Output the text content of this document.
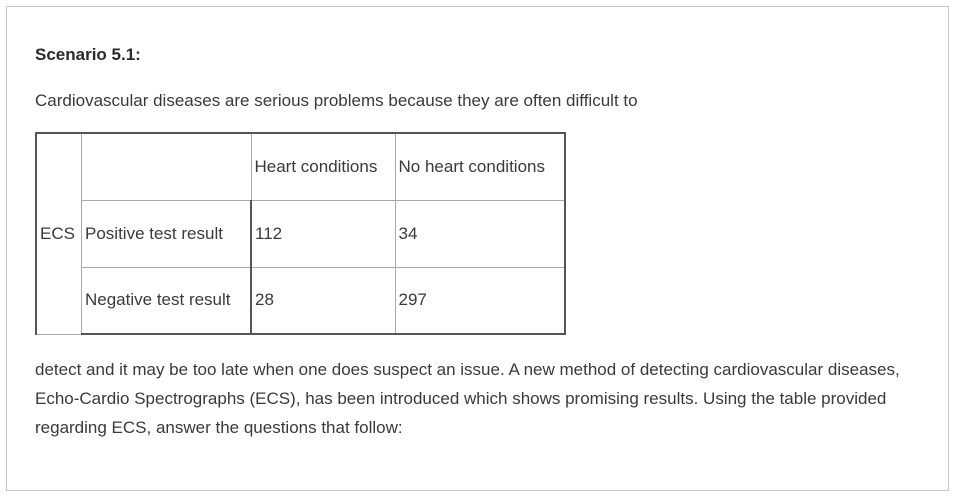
Scenario 5.1:

Cardiovascular diseases are serious problems because they are often difficult to

ECS		Heart conditions	No heart conditions
	Positive test result	112	34
	Negative test result	28	297

detect and it may be too late when one does suspect an issue. A new method of detecting cardiovascular diseases, Echo-Cardio Spectrographs (ECS), has been introduced which shows promising results. Using the table provided regarding ECS, answer the questions that follow:
